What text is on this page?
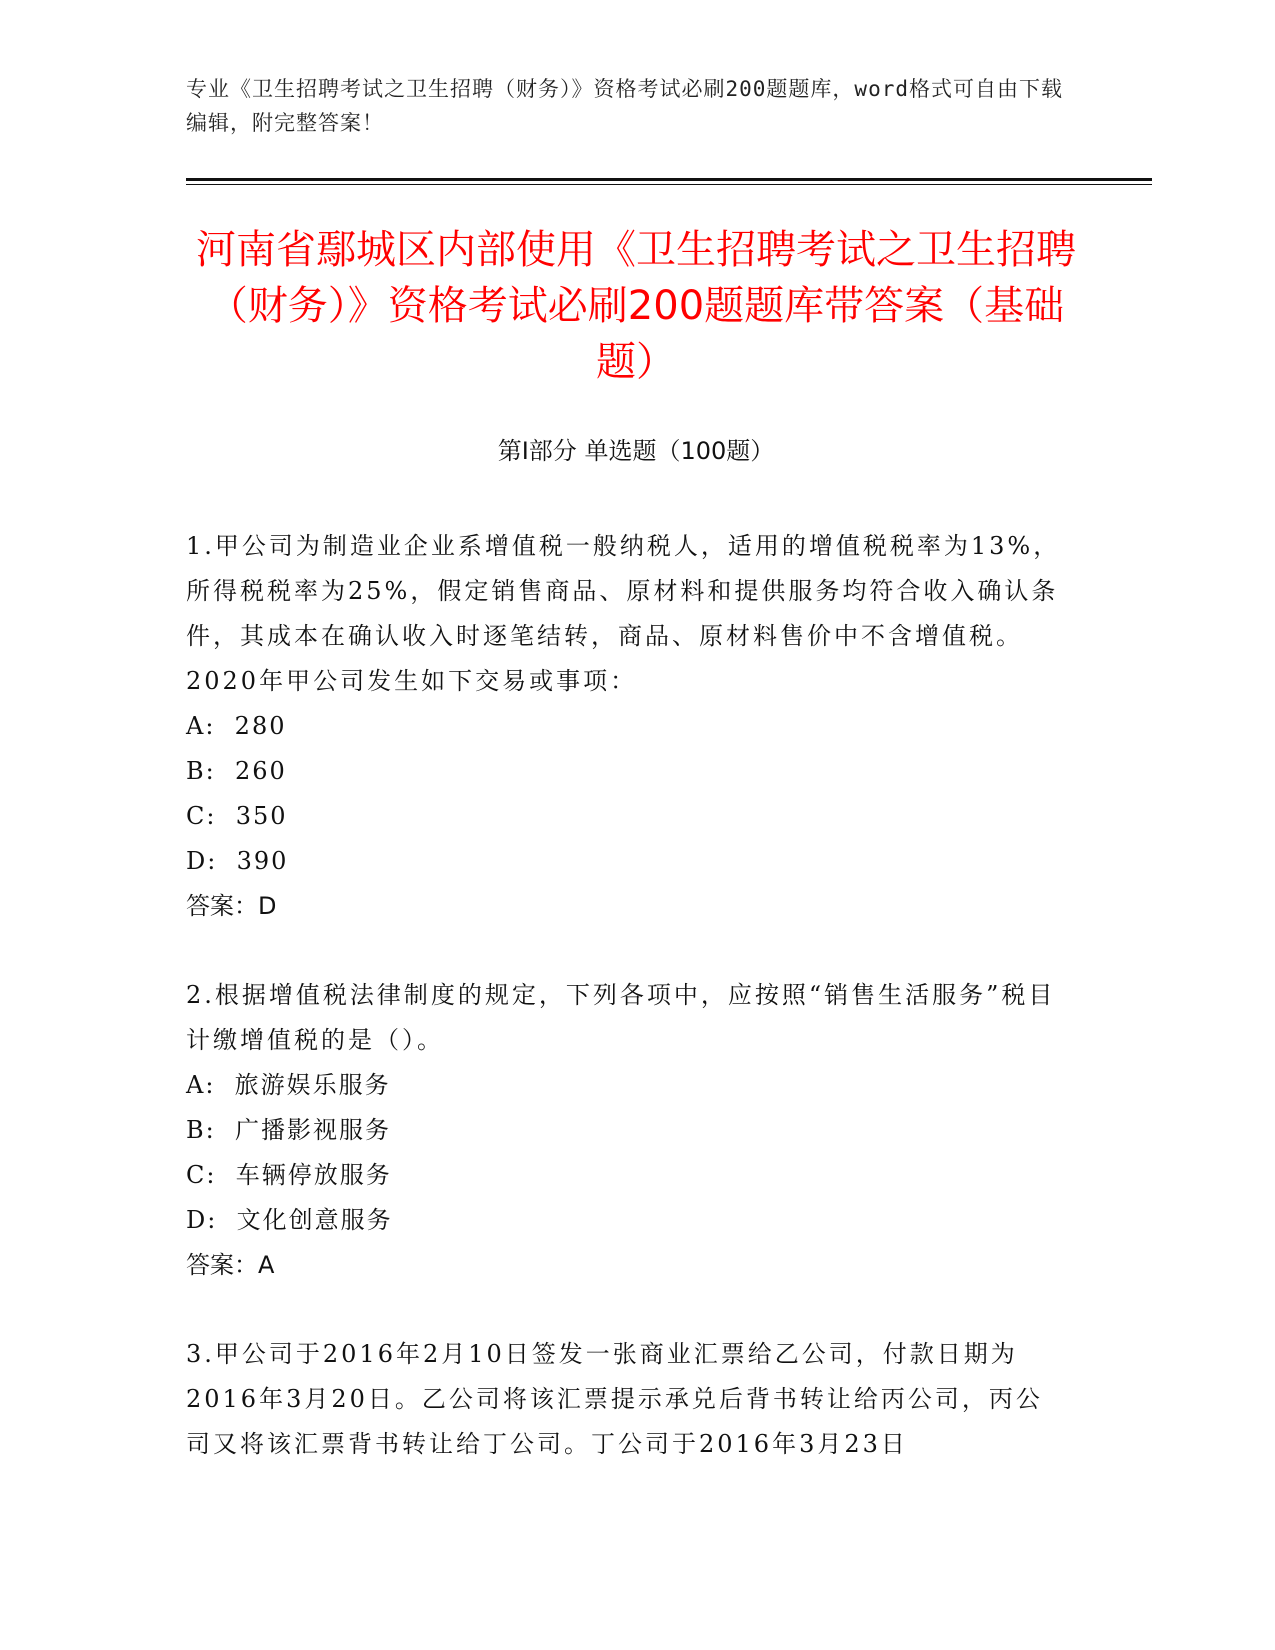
专业《卫生招聘考试之卫生招聘（财务）》资格考试必刷200题题库，word格式可自由下载编辑，附完整答案！
河南省鄢城区内部使用《卫生招聘考试之卫生招聘（财务）》资格考试必刷200题题库带答案（基础题）
第Ⅰ部分 单选题（100题）

1.甲公司为制造业企业系增值税一般纳税人，适用的增值税税率为13%，所得税税率为25%，假定销售商品、原材料和提供服务均符合收入确认条件，其成本在确认收入时逐笔结转，商品、原材料售价中不含增值税。2020年甲公司发生如下交易或事项：

A:  280

B:  260

C:  350

D:  390

答案：D

2.根据增值税法律制度的规定，下列各项中，应按照“销售生活服务”税目计缴增值税的是（）。

A:  旅游娱乐服务

B:  广播影视服务

C:  车辆停放服务

D:  文化创意服务

答案：A

3.甲公司于2016年2月10日签发一张商业汇票给乙公司，付款日期为2016年3月20日。乙公司将该汇票提示承兑后背书转让给丙公司，丙公司又将该汇票背书转让给丁公司。丁公司于2016年3月23日
